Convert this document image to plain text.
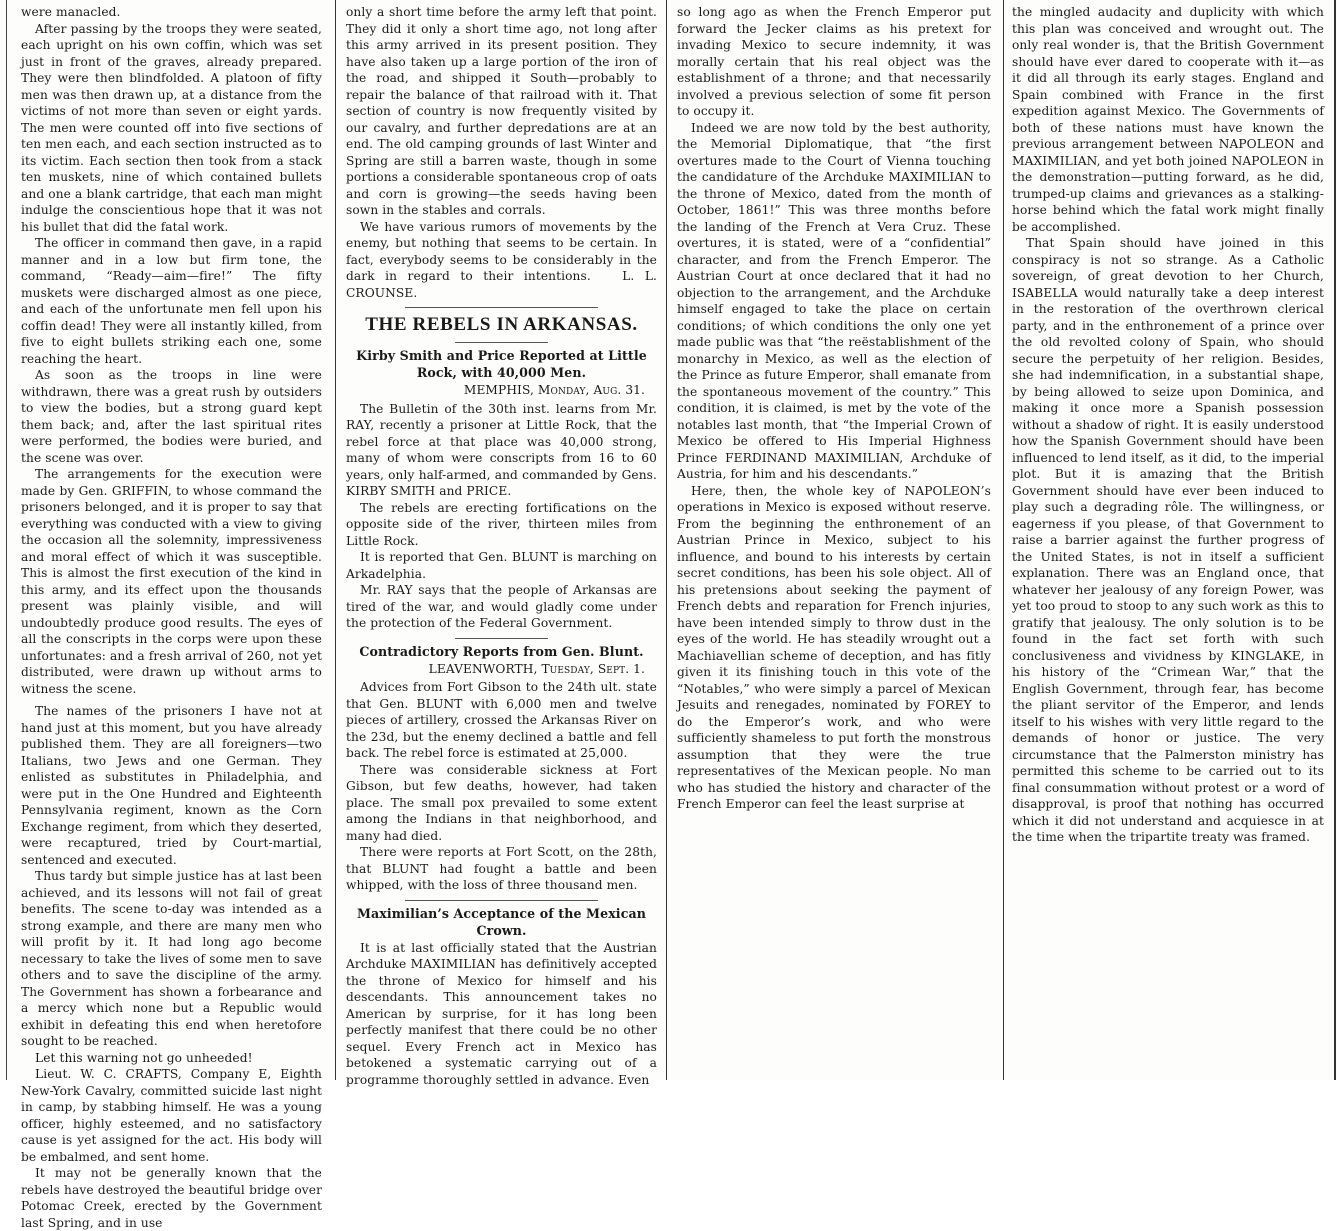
were manacled.

After passing by the troops they were seated, each upright on his own coffin, which was set just in front of the graves, already prepared. They were then blindfolded. A platoon of fifty men was then drawn up, at a distance from the victims of not more than seven or eight yards. The men were counted off into five sections of ten men each, and each section instructed as to its victim. Each section then took from a stack ten muskets, nine of which contained bullets and one a blank cartridge, that each man might indulge the conscientious hope that it was not his bullet that did the fatal work.

The officer in command then gave, in a rapid manner and in a low but firm tone, the command, “Ready—aim—fire!” The fifty muskets were discharged almost as one piece, and each of the unfortunate men fell upon his coffin dead! They were all instantly killed, from five to eight bullets striking each one, some reaching the heart.

As soon as the troops in line were withdrawn, there was a great rush by outsiders to view the bodies, but a strong guard kept them back; and, after the last spiritual rites were performed, the bodies were buried, and the scene was over.

The arrangements for the execution were made by Gen. GRIFFIN, to whose command the prisoners belonged, and it is proper to say that everything was conducted with a view to giving the occasion all the solemnity, impressiveness and moral effect of which it was susceptible. This is almost the first execution of the kind in this army, and its effect upon the thousands present was plainly visible, and will undoubtedly produce good results. The eyes of all the conscripts in the corps were upon these unfortunates: and a fresh arrival of 260, not yet distributed, were drawn up without arms to witness the scene.

The names of the prisoners I have not at hand just at this moment, but you have already published them. They are all foreigners—two Italians, two Jews and one German. They enlisted as substitutes in Philadelphia, and were put in the One Hundred and Eighteenth Pennsylvania regiment, known as the Corn Exchange regiment, from which they deserted, were recaptured, tried by Court-martial, sentenced and executed.

Thus tardy but simple justice has at last been achieved, and its lessons will not fail of great benefits. The scene to-day was intended as a strong example, and there are many men who will profit by it. It had long ago become necessary to take the lives of some men to save others and to save the discipline of the army. The Government has shown a forbearance and a mercy which none but a Republic would exhibit in defeating this end when heretofore sought to be reached.

Let this warning not go unheeded!

Lieut. W. C. CRAFTS, Company E, Eighth New-York Cavalry, committed suicide last night in camp, by stabbing himself. He was a young officer, highly esteemed, and no satisfactory cause is yet assigned for the act. His body will be embalmed, and sent home.

It may not be generally known that the rebels have destroyed the beautiful bridge over Potomac Creek, erected by the Government last Spring, and in use

only a short time before the army left that point. They did it only a short time ago, not long after this army arrived in its present position. They have also taken up a large portion of the iron of the road, and shipped it South—probably to repair the balance of that railroad with it. That section of country is now frequently visited by our cavalry, and further depredations are at an end. The old camping grounds of last Winter and Spring are still a barren waste, though in some portions a considerable spontaneous crop of oats and corn is growing—the seeds having been sown in the stables and corrals.

We have various rumors of movements by the enemy, but nothing that seems to be certain. In fact, everybody seems to be considerably in the dark in regard to their intentions.	L. L. CROUNSE.

THE REBELS IN ARKANSAS.
Kirby Smith and Price Reported at Little Rock, with 40,000 Men.
MEMPHIS, Monday, Aug. 31.

The Bulletin of the 30th inst. learns from Mr. RAY, recently a prisoner at Little Rock, that the rebel force at that place was 40,000 strong, many of whom were conscripts from 16 to 60 years, only half-armed, and commanded by Gens. KIRBY SMITH and PRICE.

The rebels are erecting fortifications on the opposite side of the river, thirteen miles from Little Rock.

It is reported that Gen. BLUNT is marching on Arkadelphia.

Mr. RAY says that the people of Arkansas are tired of the war, and would gladly come under the protection of the Federal Government.

Contradictory Reports from Gen. Blunt.
LEAVENWORTH, Tuesday, Sept. 1.

Advices from Fort Gibson to the 24th ult. state that Gen. BLUNT with 6,000 men and twelve pieces of artillery, crossed the Arkansas River on the 23d, but the enemy declined a battle and fell back. The rebel force is estimated at 25,000.

There was considerable sickness at Fort Gibson, but few deaths, however, had taken place. The small pox prevailed to some extent among the Indians in that neighborhood, and many had died.

There were reports at Fort Scott, on the 28th, that BLUNT had fought a battle and been whipped, with the loss of three thousand men.

Maximilian’s Acceptance of the Mexican Crown.

It is at last officially stated that the Austrian Archduke MAXIMILIAN has definitively accepted the throne of Mexico for himself and his descendants. This announcement takes no American by surprise, for it has long been perfectly manifest that there could be no other sequel. Every French act in Mexico has betokened a systematic carrying out of a programme thoroughly settled in advance. Even

so long ago as when the French Emperor put forward the Jecker claims as his pretext for invading Mexico to secure indemnity, it was morally certain that his real object was the establishment of a throne; and that necessarily involved a previous selection of some fit person to occupy it.

Indeed we are now told by the best authority, the Memorial Diplomatique, that “the first overtures made to the Court of Vienna touching the candidature of the Archduke MAXIMILIAN to the throne of Mexico, dated from the month of October, 1861!” This was three months before the landing of the French at Vera Cruz. These overtures, it is stated, were of a “confidential” character, and from the French Emperor. The Austrian Court at once declared that it had no objection to the arrangement, and the Archduke himself engaged to take the place on certain conditions; of which conditions the only one yet made public was that “the reëstablishment of the monarchy in Mexico, as well as the election of the Prince as future Emperor, shall emanate from the spontaneous movement of the country.” This condition, it is claimed, is met by the vote of the notables last month, that “the Imperial Crown of Mexico be offered to His Imperial Highness Prince FERDINAND MAXIMILIAN, Archduke of Austria, for him and his descendants.”

Here, then, the whole key of NAPOLEON’s operations in Mexico is exposed without reserve. From the beginning the enthronement of an Austrian Prince in Mexico, subject to his influence, and bound to his interests by certain secret conditions, has been his sole object. All of his pretensions about seeking the payment of French debts and reparation for French injuries, have been intended simply to throw dust in the eyes of the world. He has steadily wrought out a Machiavellian scheme of deception, and has fitly given it its finishing touch in this vote of the “Notables,” who were simply a parcel of Mexican Jesuits and renegades, nominated by FOREY to do the Emperor’s work, and who were sufficiently shameless to put forth the monstrous assumption that they were the true representatives of the Mexican people. No man who has studied the history and character of the French Emperor can feel the least surprise at

the mingled audacity and duplicity with which this plan was conceived and wrought out. The only real wonder is, that the British Government should have ever dared to cooperate with it—as it did all through its early stages. England and Spain combined with France in the first expedition against Mexico. The Governments of both of these nations must have known the previous arrangement between NAPOLEON and MAXIMILIAN, and yet both joined NAPOLEON in the demonstration—putting forward, as he did, trumped-up claims and grievances as a stalking-horse behind which the fatal work might finally be accomplished.

That Spain should have joined in this conspiracy is not so strange. As a Catholic sovereign, of great devotion to her Church, ISABELLA would naturally take a deep interest in the restoration of the overthrown clerical party, and in the enthronement of a prince over the old revolted colony of Spain, who should secure the perpetuity of her religion. Besides, she had indemnification, in a substantial shape, by being allowed to seize upon Dominica, and making it once more a Spanish possession without a shadow of right. It is easily understood how the Spanish Government should have been influenced to lend itself, as it did, to the imperial plot. But it is amazing that the British Government should have ever been induced to play such a degrading rôle. The willingness, or eagerness if you please, of that Government to raise a barrier against the further progress of the United States, is not in itself a sufficient explanation. There was an England once, that whatever her jealousy of any foreign Power, was yet too proud to stoop to any such work as this to gratify that jealousy. The only solution is to be found in the fact set forth with such conclusiveness and vividness by KINGLAKE, in his history of the “Crimean War,” that the English Government, through fear, has become the pliant servitor of the Emperor, and lends itself to his wishes with very little regard to the demands of honor or justice. The very circumstance that the Palmerston ministry has permitted this scheme to be carried out to its final consummation without protest or a word of disapproval, is proof that nothing has occurred which it did not understand and acquiesce in at the time when the tripartite treaty was framed.
